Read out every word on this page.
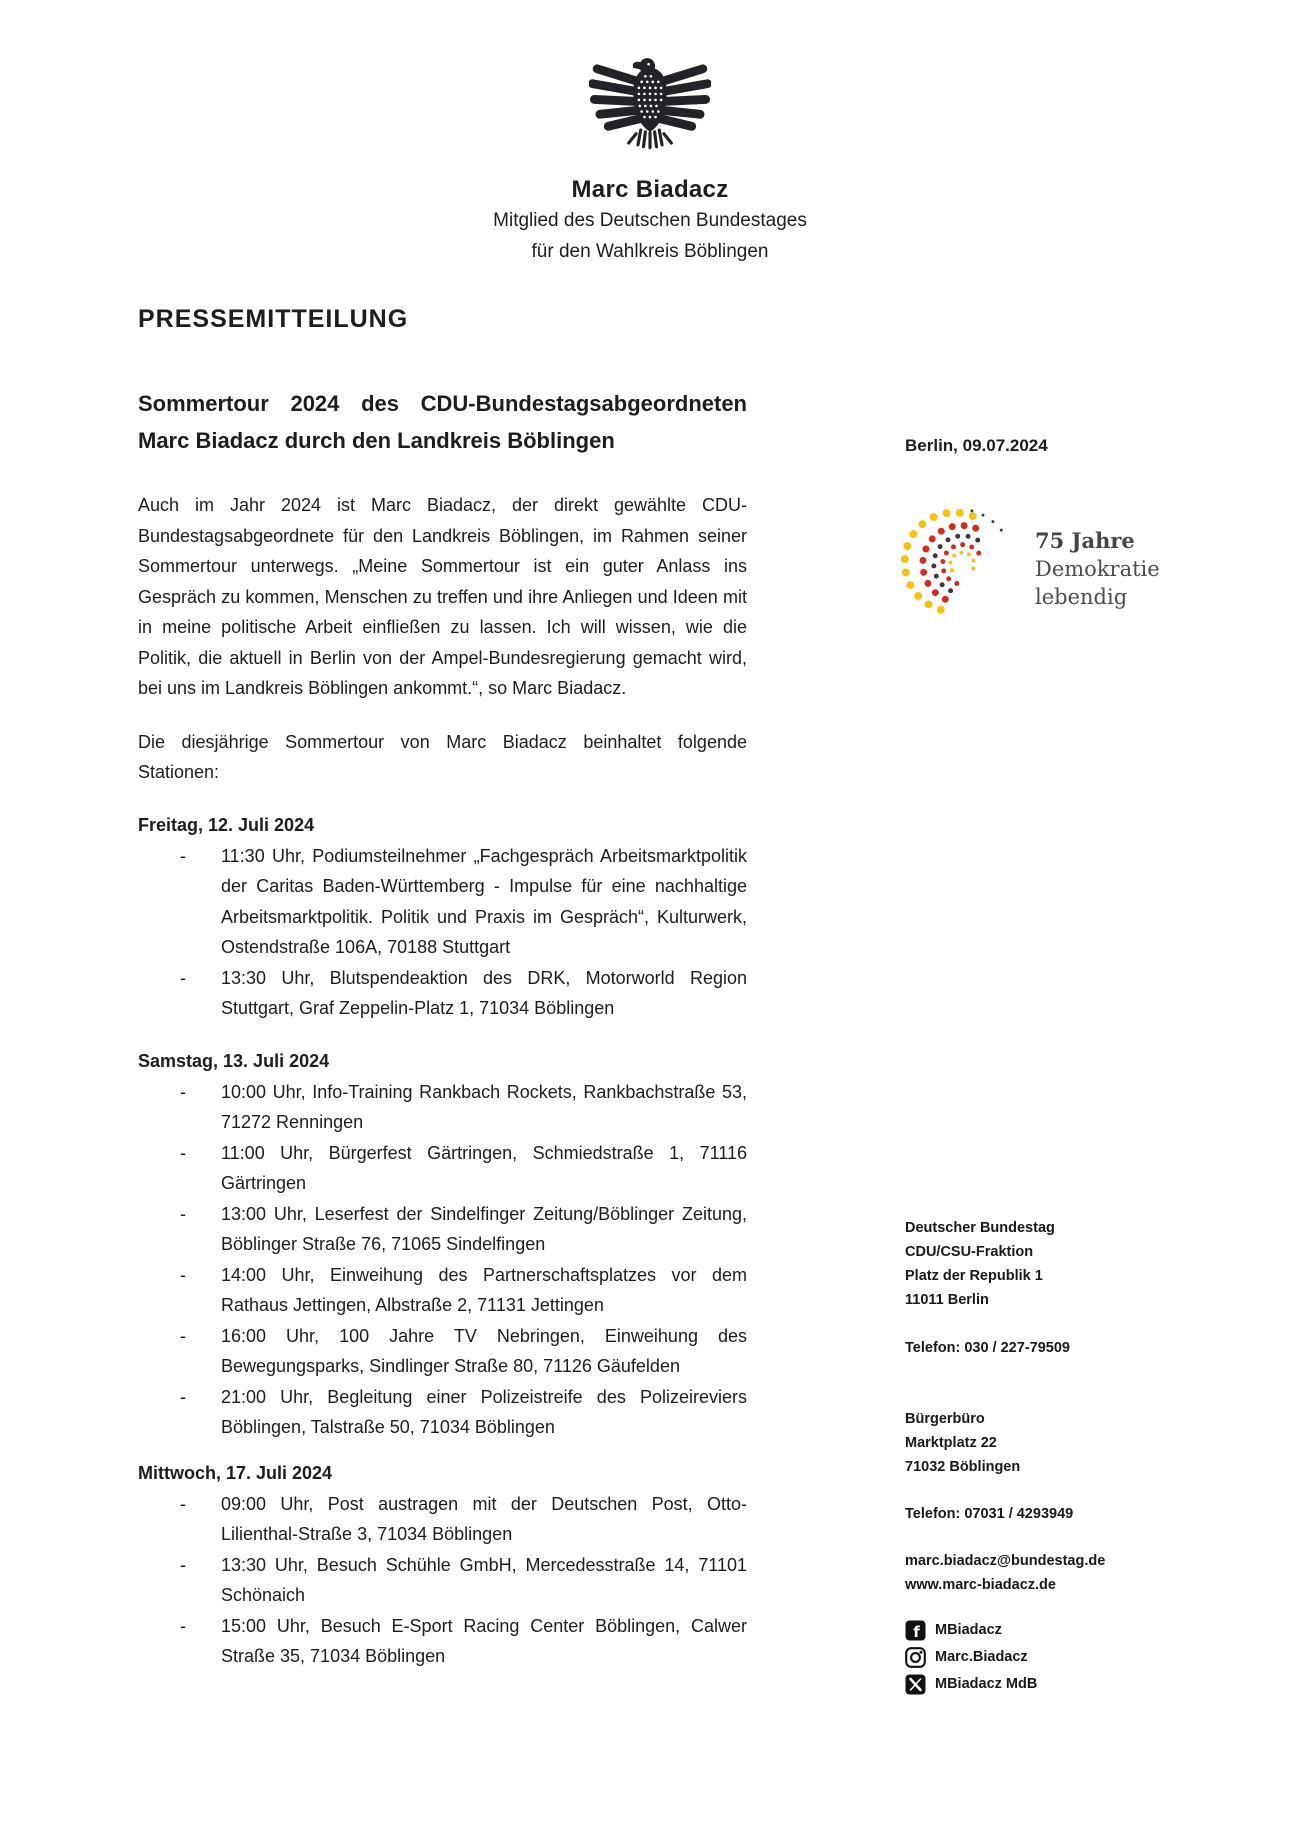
Marc Biadacz
Mitglied des Deutschen Bundestages
für den Wahlkreis Böblingen
PRESSEMITTEILUNG
Sommertour 2024 des CDU-Bundestagsabgeordneten
Marc Biadacz durch den Landkreis Böblingen
Auch im Jahr 2024 ist Marc Biadacz, der direkt gewählte CDU-Bundestagsabgeordnete für den Landkreis Böblingen, im Rahmen seiner Sommertour unterwegs. „Meine Sommertour ist ein guter Anlass ins Gespräch zu kommen, Menschen zu treffen und ihre Anliegen und Ideen mit in meine politische Arbeit einfließen zu lassen. Ich will wissen, wie die Politik, die aktuell in Berlin von der Ampel-Bundesregierung gemacht wird, bei uns im Landkreis Böblingen ankommt.“, so Marc Biadacz.
Die diesjährige Sommertour von Marc Biadacz beinhaltet folgende Stationen:
Freitag, 12. Juli 2024
- 11:30 Uhr, Podiumsteilnehmer „Fachgespräch Arbeitsmarktpolitik der Caritas Baden-Württemberg - Impulse für eine nachhaltige Arbeitsmarktpolitik. Politik und Praxis im Gespräch“, Kulturwerk, Ostendstraße 106A, 70188 Stuttgart
- 13:30 Uhr, Blutspendeaktion des DRK, Motorworld Region Stuttgart, Graf Zeppelin-Platz 1, 71034 Böblingen
Samstag, 13. Juli 2024
- 10:00 Uhr, Info-Training Rankbach Rockets, Rankbachstraße 53, 71272 Renningen
- 11:00 Uhr, Bürgerfest Gärtringen, Schmiedstraße 1, 71116 Gärtringen
- 13:00 Uhr, Leserfest der Sindelfinger Zeitung/Böblinger Zeitung, Böblinger Straße 76, 71065 Sindelfingen
- 14:00 Uhr, Einweihung des Partnerschaftsplatzes vor dem Rathaus Jettingen, Albstraße 2, 71131 Jettingen
- 16:00 Uhr, 100 Jahre TV Nebringen, Einweihung des Bewegungsparks, Sindlinger Straße 80, 71126 Gäufelden
- 21:00 Uhr, Begleitung einer Polizeistreife des Polizeireviers Böblingen, Talstraße 50, 71034 Böblingen
Mittwoch, 17. Juli 2024
- 09:00 Uhr, Post austragen mit der Deutschen Post, Otto-Lilienthal-Straße 3, 71034 Böblingen
- 13:30 Uhr, Besuch Schühle GmbH, Mercedesstraße 14, 71101 Schönaich
- 15:00 Uhr, Besuch E-Sport Racing Center Böblingen, Calwer Straße 35, 71034 Böblingen
Berlin, 09.07.2024
75 Jahre
Demokratie
lebendig
Deutscher Bundestag
CDU/CSU-Fraktion
Platz der Republik 1
11011 Berlin
Telefon: 030 / 227-79509
Bürgerbüro
Marktplatz 22
71032 Böblingen
Telefon: 07031 / 4293949
marc.biadacz@bundestag.de
www.marc-biadacz.de
f MBiadacz
Marc.Biadacz
MBiadacz MdB
